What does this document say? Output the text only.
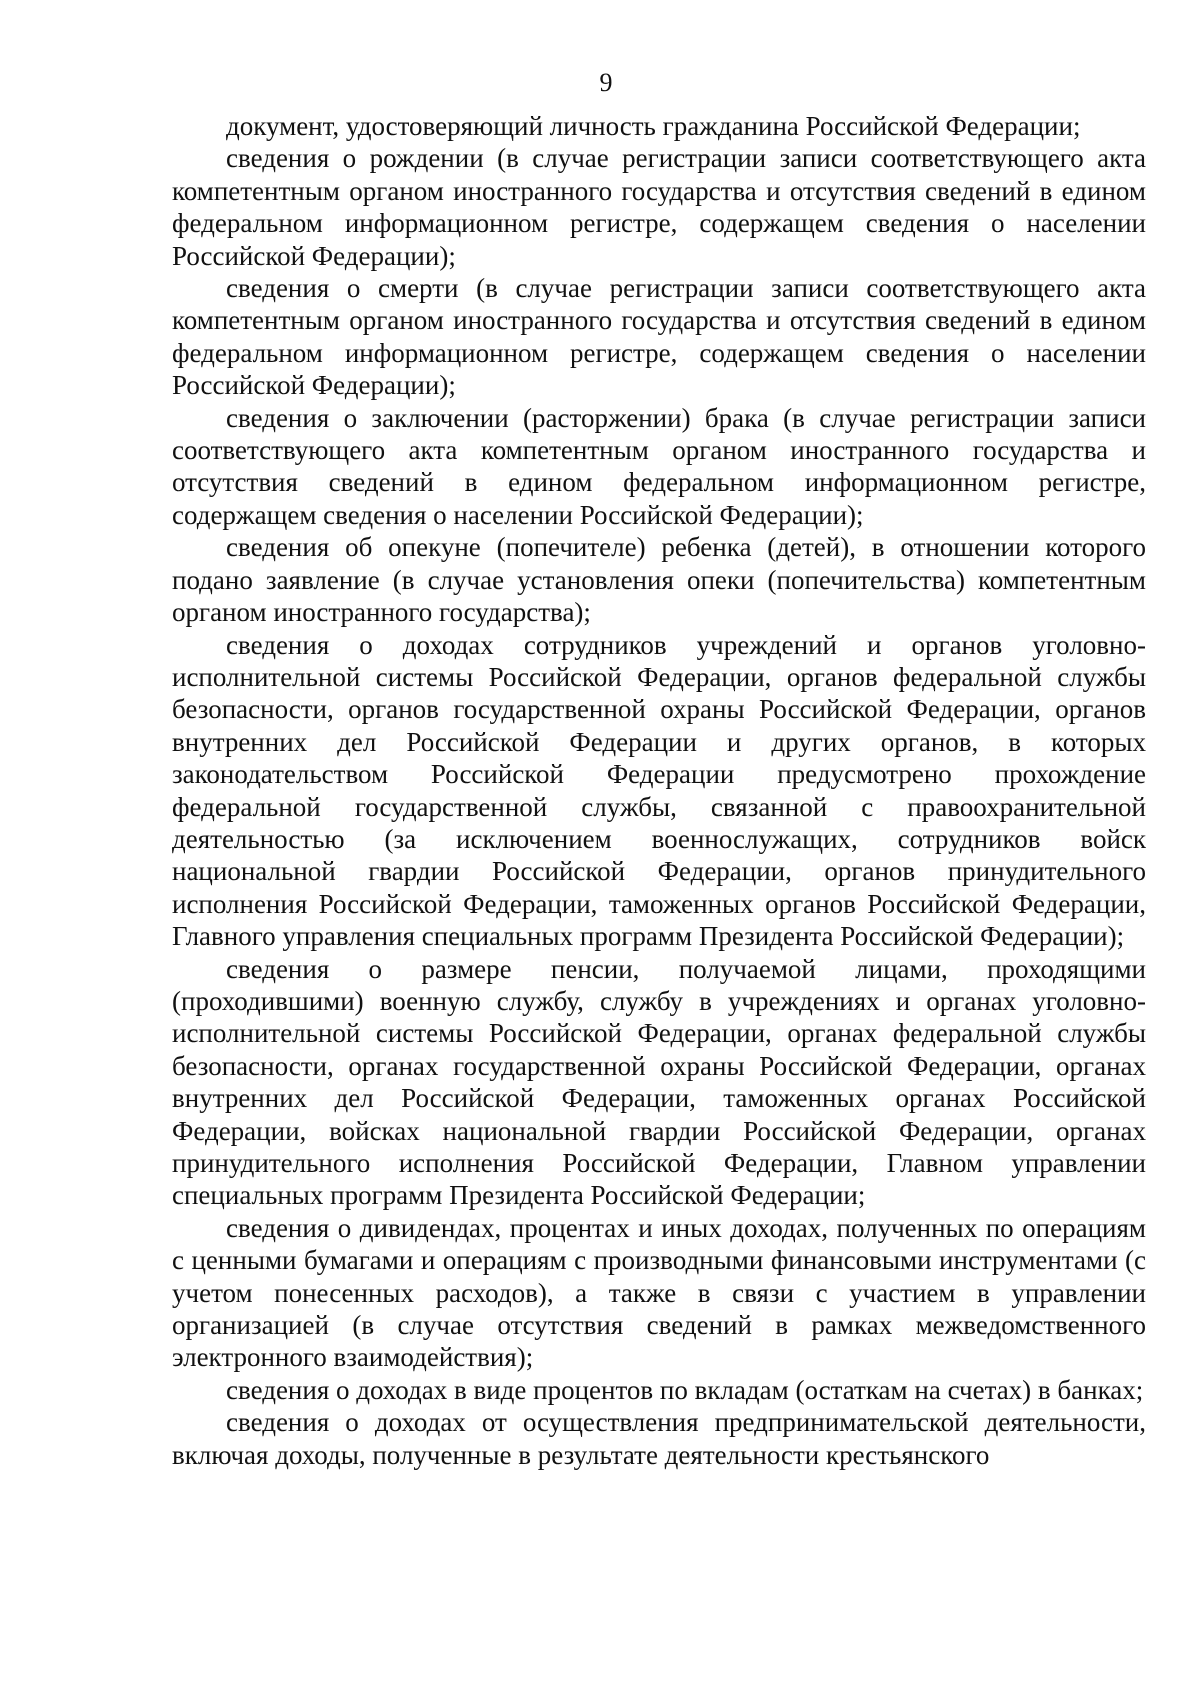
9

документ, удостоверяющий личность гражданина Российской Федерации;

сведения о рождении (в случае регистрации записи соответствующего акта компетентным органом иностранного государства и отсутствия сведений в едином федеральном информационном регистре, содержащем сведения о населении Российской Федерации);

сведения о смерти (в случае регистрации записи соответствующего акта компетентным органом иностранного государства и отсутствия сведений в едином федеральном информационном регистре, содержащем сведения о населении Российской Федерации);

сведения о заключении (расторжении) брака (в случае регистрации записи соответствующего акта компетентным органом иностранного государства и отсутствия сведений в едином федеральном информационном регистре, содержащем сведения о населении Российской Федерации);

сведения об опекуне (попечителе) ребенка (детей), в отношении которого подано заявление (в случае установления опеки (попечительства) компетентным органом иностранного государства);

сведения о доходах сотрудников учреждений и органов уголовно-исполнительной системы Российской Федерации, органов федеральной службы безопасности, органов государственной охраны Российской Федерации, органов внутренних дел Российской Федерации и других органов, в которых законодательством Российской Федерации предусмотрено прохождение федеральной государственной службы, связанной с правоохранительной деятельностью (за исключением военнослужащих, сотрудников войск национальной гвардии Российской Федерации, органов принудительного исполнения Российской Федерации, таможенных органов Российской Федерации, Главного управления специальных программ Президента Российской Федерации);

сведения о размере пенсии, получаемой лицами, проходящими (проходившими) военную службу, службу в учреждениях и органах уголовно-исполнительной системы Российской Федерации, органах федеральной службы безопасности, органах государственной охраны Российской Федерации, органах внутренних дел Российской Федерации, таможенных органах Российской Федерации, войсках национальной гвардии Российской Федерации, органах принудительного исполнения Российской Федерации, Главном управлении специальных программ Президента Российской Федерации;

сведения о дивидендах, процентах и иных доходах, полученных по операциям с ценными бумагами и операциям с производными финансовыми инструментами (с учетом понесенных расходов), а также в связи с участием в управлении организацией (в случае отсутствия сведений в рамках межведомственного электронного взаимодействия);

сведения о доходах в виде процентов по вкладам (остаткам на счетах) в банках;

сведения о доходах от осуществления предпринимательской деятельности, включая доходы, полученные в результате деятельности крестьянского
